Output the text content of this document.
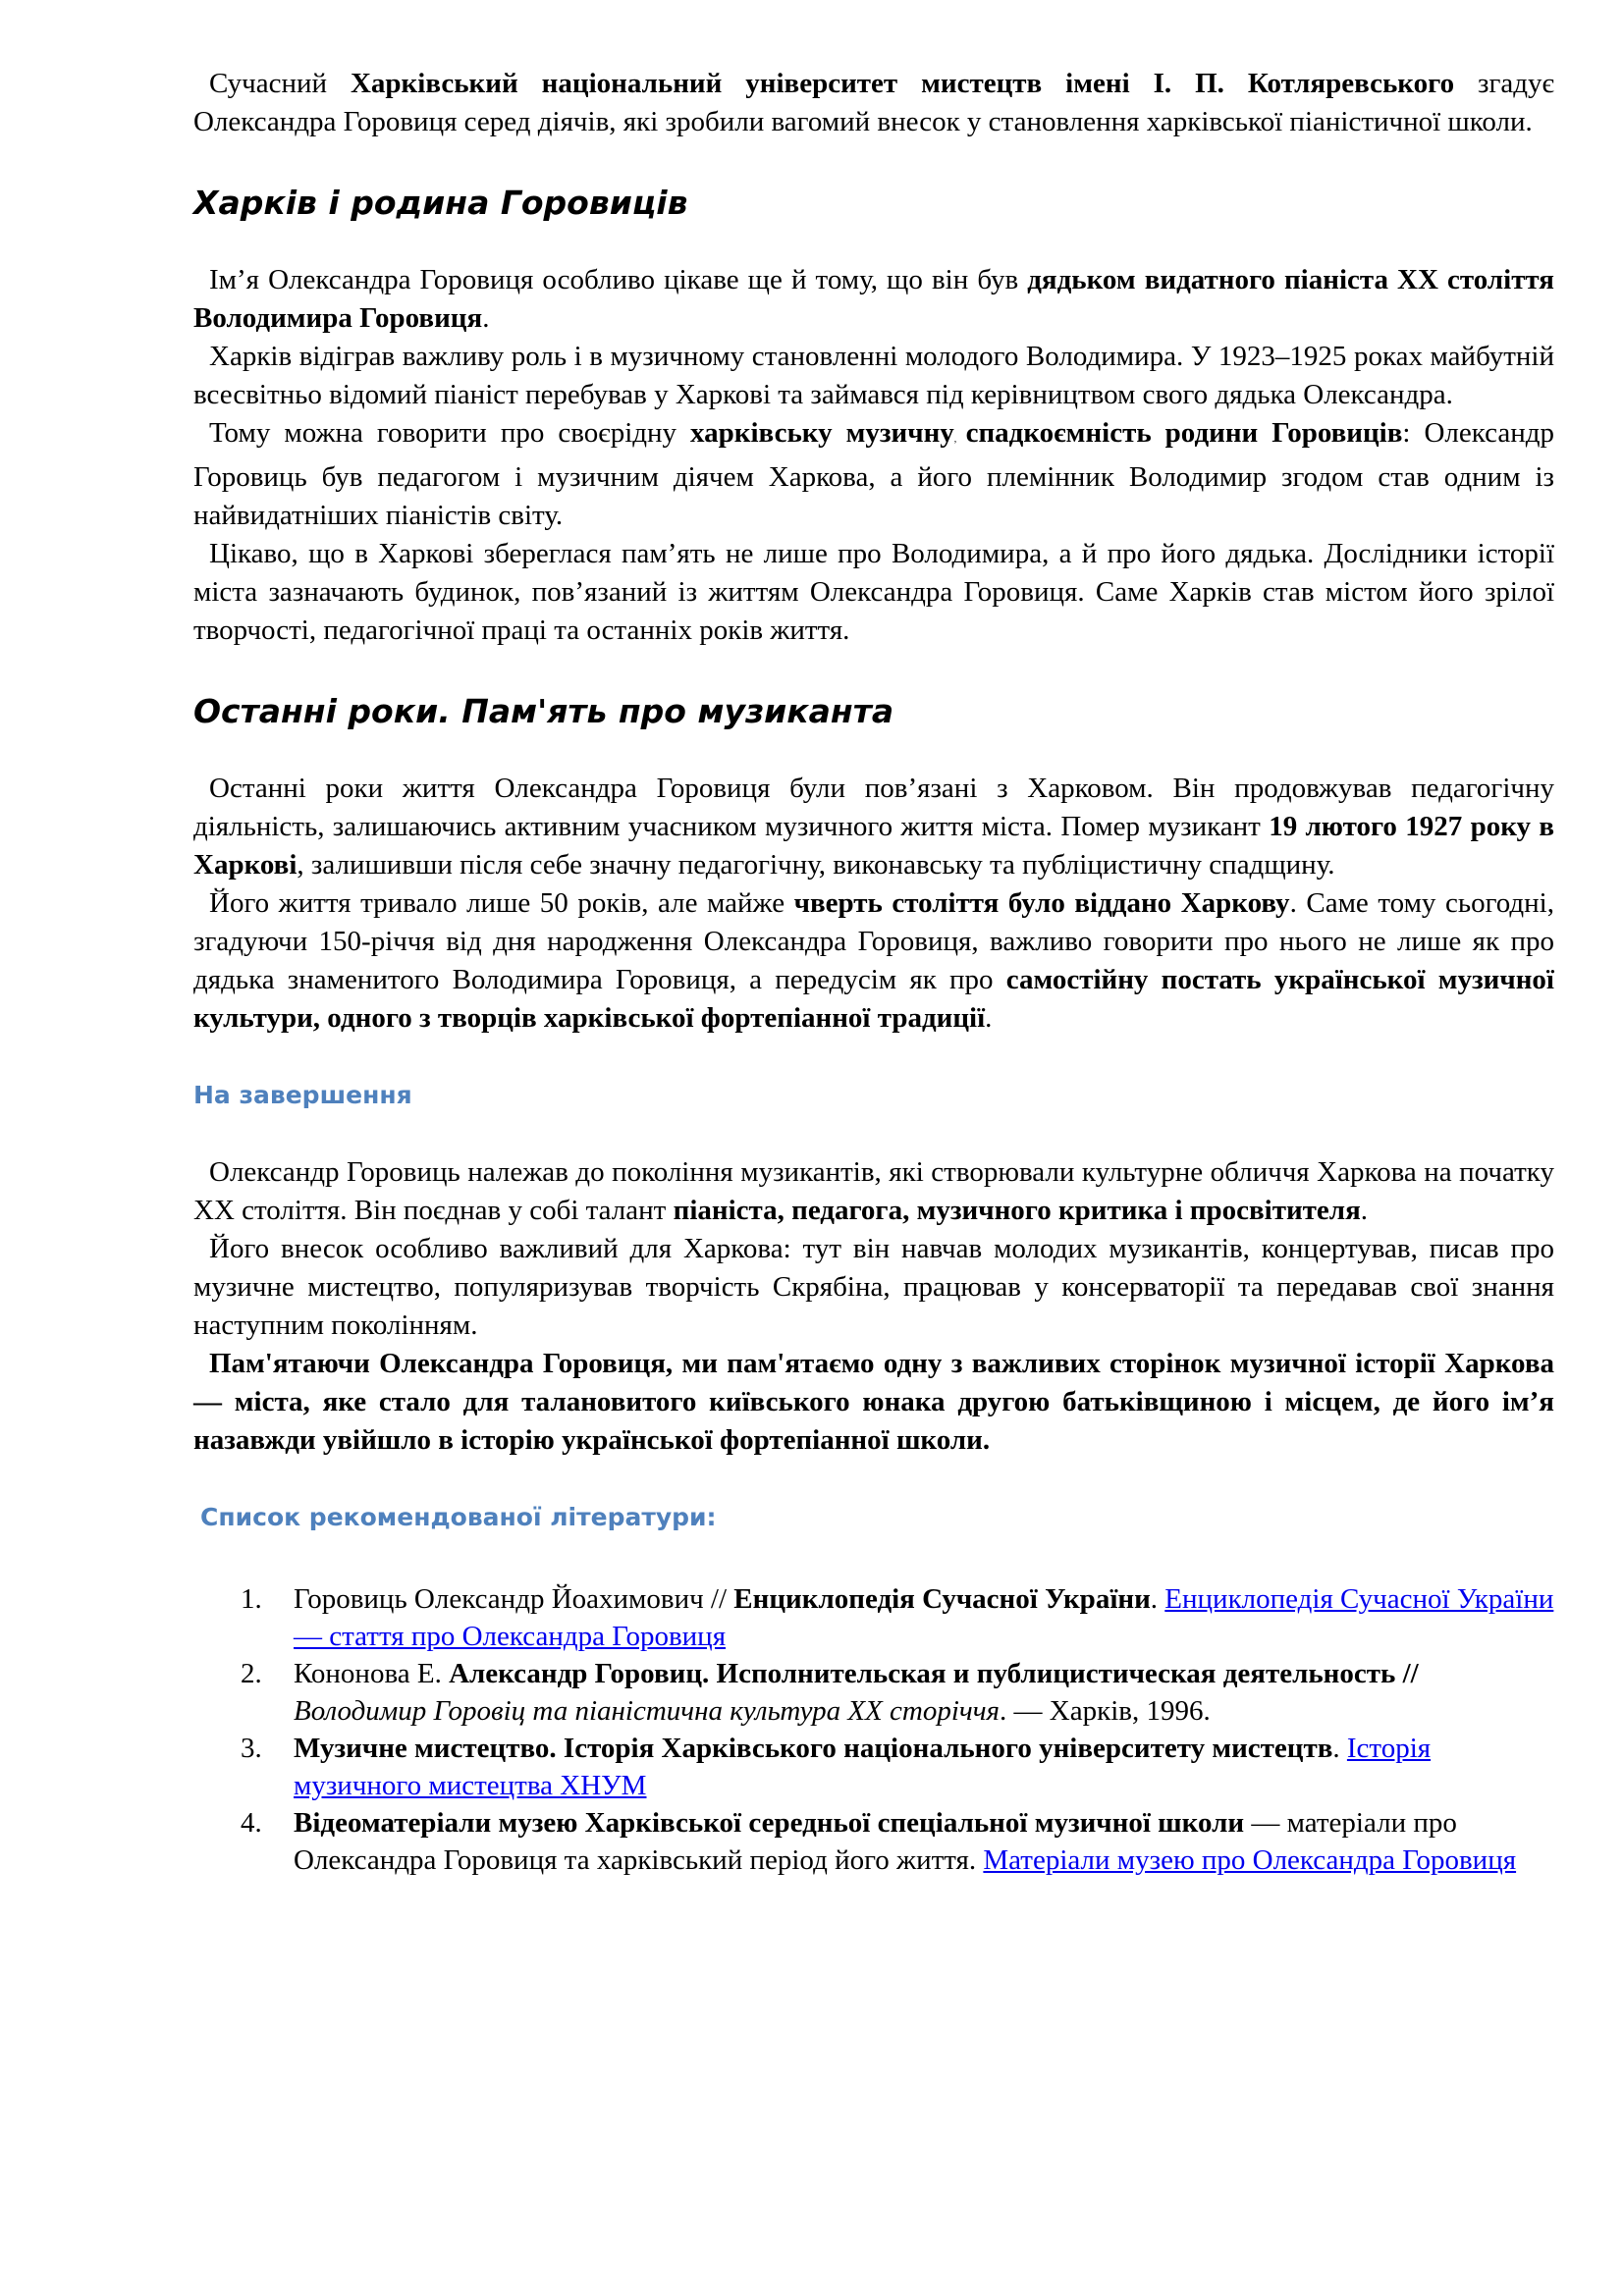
Сучасний Харківський національний університет мистецтв імені І. П. Котляревського згадує Олександра Горовиця серед діячів, які зробили вагомий внесок у становлення харківської піаністичної школи.

Харків і родина Горовиців

Ім’я Олександра Горовиця особливо цікаве ще й тому, що він був дядьком видатного піаніста XX століття Володимира Горовиця.

Харків відіграв важливу роль і в музичному становленні молодого Володимира. У 1923–1925 роках майбутній всесвітньо відомий піаніст перебував у Харкові та займався під керівництвом свого дядька Олександра.

Тому можна говорити про своєрідну харківську музичну, спадкоємність родини Горовиців: Олександр Горовиць був педагогом і музичним діячем Харкова, а його племінник Володимир згодом став одним із найвидатніших піаністів світу.

Цікаво, що в Харкові збереглася пам’ять не лише про Володимира, а й про його дядька. Дослідники історії міста зазначають будинок, пов’язаний із життям Олександра Горовиця. Саме Харків став містом його зрілої творчості, педагогічної праці та останніх років життя.

Останні роки. Пам'ять про музиканта

Останні роки життя Олександра Горовиця були пов’язані з Харковом. Він продовжував педагогічну діяльність, залишаючись активним учасником музичного життя міста. Помер музикант 19 лютого 1927 року в Харкові, залишивши після себе значну педагогічну, виконавську та публіцистичну спадщину.

Його життя тривало лише 50 років, але майже чверть століття було віддано Харкову. Саме тому сьогодні, згадуючи 150-річчя від дня народження Олександра Горовиця, важливо говорити про нього не лише як про дядька знаменитого Володимира Горовиця, а передусім як про самостійну постать української музичної культури, одного з творців харківської фортепіанної традиції.

На завершення

Олександр Горовиць належав до покоління музикантів, які створювали культурне обличчя Харкова на початку XX століття. Він поєднав у собі талант піаніста, педагога, музичного критика і просвітителя.

Його внесок особливо важливий для Харкова: тут він навчав молодих музикантів, концертував, писав про музичне мистецтво, популяризував творчість Скрябіна, працював у консерваторії та передавав свої знання наступним поколінням.

Пам'ятаючи Олександра Горовиця, ми пам'ятаємо одну з важливих сторінок музичної історії Харкова — міста, яке стало для талановитого київського юнака другою батьківщиною і місцем, де його ім’я назавжди увійшло в історію української фортепіанної школи.

Список рекомендованої літератури:
1. Горовиць Олександр Йоахимович // Енциклопедія Сучасної України. Енциклопедія Сучасної України — стаття про Олександра Горовиця
2. Кононова Е. Александр Горовиц. Исполнительская и публицистическая деятельность // Володимир Горовiц та піаністична культура XX сторіччя. — Харків, 1996.
3. Музичне мистецтво. Історія Харківського національного університету мистецтв. Історія музичного мистецтва ХНУМ
4. Відеоматеріали музею Харківської середньої спеціальної музичної школи — матеріали про Олександра Горовиця та харківський період його життя. Матеріали музею про Олександра Горовиця
